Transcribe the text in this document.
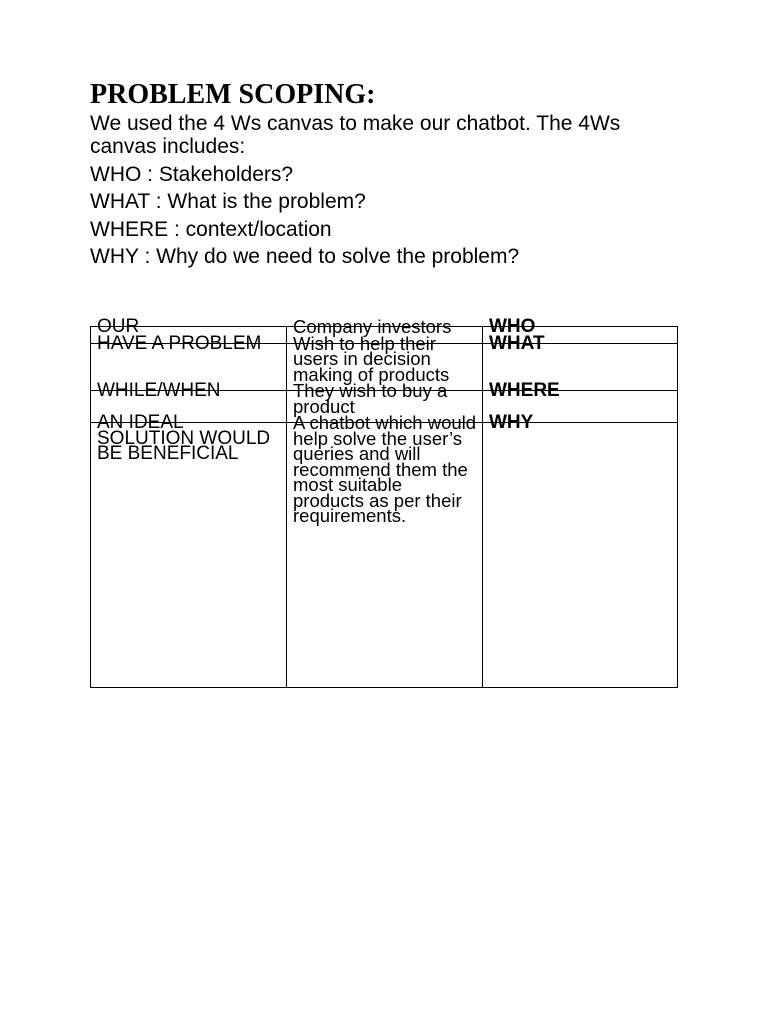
PROBLEM SCOPING:
We used the 4 Ws canvas to make our chatbot. The 4Ws
canvas includes:
WHO : Stakeholders?
WHAT : What is the problem?
WHERE : context/location
WHY : Why do we need to solve the problem?
OUR	Company investors	WHO

HAVE A PROBLEM	Wish to help their users in decision making of products	WHAT

WHILE/WHEN	They wish to buy a product	WHERE

AN IDEAL SOLUTION WOULD BE BENEFICIAL	A chatbot which would help solve the user’s queries and will recommend them the most suitable products as per their requirements.	WHY
